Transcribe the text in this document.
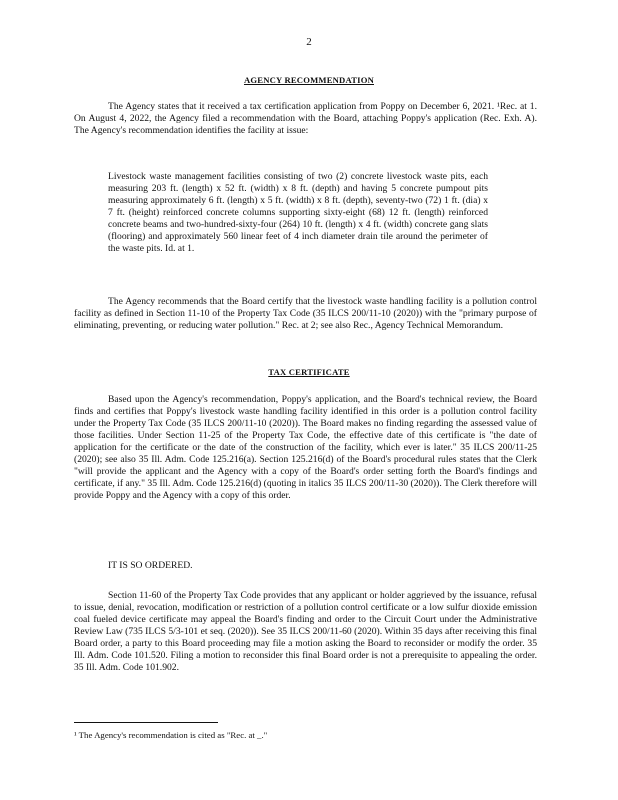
2
AGENCY RECOMMENDATION

The Agency states that it received a tax certification application from Poppy on December 6, 2021. ¹Rec. at 1. On August 4, 2022, the Agency filed a recommendation with the Board, attaching Poppy's application (Rec. Exh. A). The Agency's recommendation identifies the facility at issue:

Livestock waste management facilities consisting of two (2) concrete livestock waste pits, each measuring 203 ft. (length) x 52 ft. (width) x 8 ft. (depth) and having 5 concrete pumpout pits measuring approximately 6 ft. (length) x 5 ft. (width) x 8 ft. (depth), seventy-two (72) 1 ft. (dia) x 7 ft. (height) reinforced concrete columns supporting sixty-eight (68) 12 ft. (length) reinforced concrete beams and two-hundred-sixty-four (264) 10 ft. (length) x 4 ft. (width) concrete gang slats (flooring) and approximately 560 linear feet of 4 inch diameter drain tile around the perimeter of the waste pits. Id. at 1.

The Agency recommends that the Board certify that the livestock waste handling facility is a pollution control facility as defined in Section 11-10 of the Property Tax Code (35 ILCS 200/11-10 (2020)) with the "primary purpose of eliminating, preventing, or reducing water pollution." Rec. at 2; see also Rec., Agency Technical Memorandum.

TAX CERTIFICATE

Based upon the Agency's recommendation, Poppy's application, and the Board's technical review, the Board finds and certifies that Poppy's livestock waste handling facility identified in this order is a pollution control facility under the Property Tax Code (35 ILCS 200/11-10 (2020)). The Board makes no finding regarding the assessed value of those facilities. Under Section 11-25 of the Property Tax Code, the effective date of this certificate is "the date of application for the certificate or the date of the construction of the facility, which ever is later." 35 ILCS 200/11-25 (2020); see also 35 Ill. Adm. Code 125.216(a). Section 125.216(d) of the Board's procedural rules states that the Clerk "will provide the applicant and the Agency with a copy of the Board's order setting forth the Board's findings and certificate, if any." 35 Ill. Adm. Code 125.216(d) (quoting in italics 35 ILCS 200/11-30 (2020)). The Clerk therefore will provide Poppy and the Agency with a copy of this order.

IT IS SO ORDERED.

Section 11-60 of the Property Tax Code provides that any applicant or holder aggrieved by the issuance, refusal to issue, denial, revocation, modification or restriction of a pollution control certificate or a low sulfur dioxide emission coal fueled device certificate may appeal the Board's finding and order to the Circuit Court under the Administrative Review Law (735 ILCS 5/3-101 et seq. (2020)). See 35 ILCS 200/11-60 (2020). Within 35 days after receiving this final Board order, a party to this Board proceeding may file a motion asking the Board to reconsider or modify the order. 35 Ill. Adm. Code 101.520. Filing a motion to reconsider this final Board order is not a prerequisite to appealing the order. 35 Ill. Adm. Code 101.902.

¹ The Agency's recommendation is cited as "Rec. at _."
